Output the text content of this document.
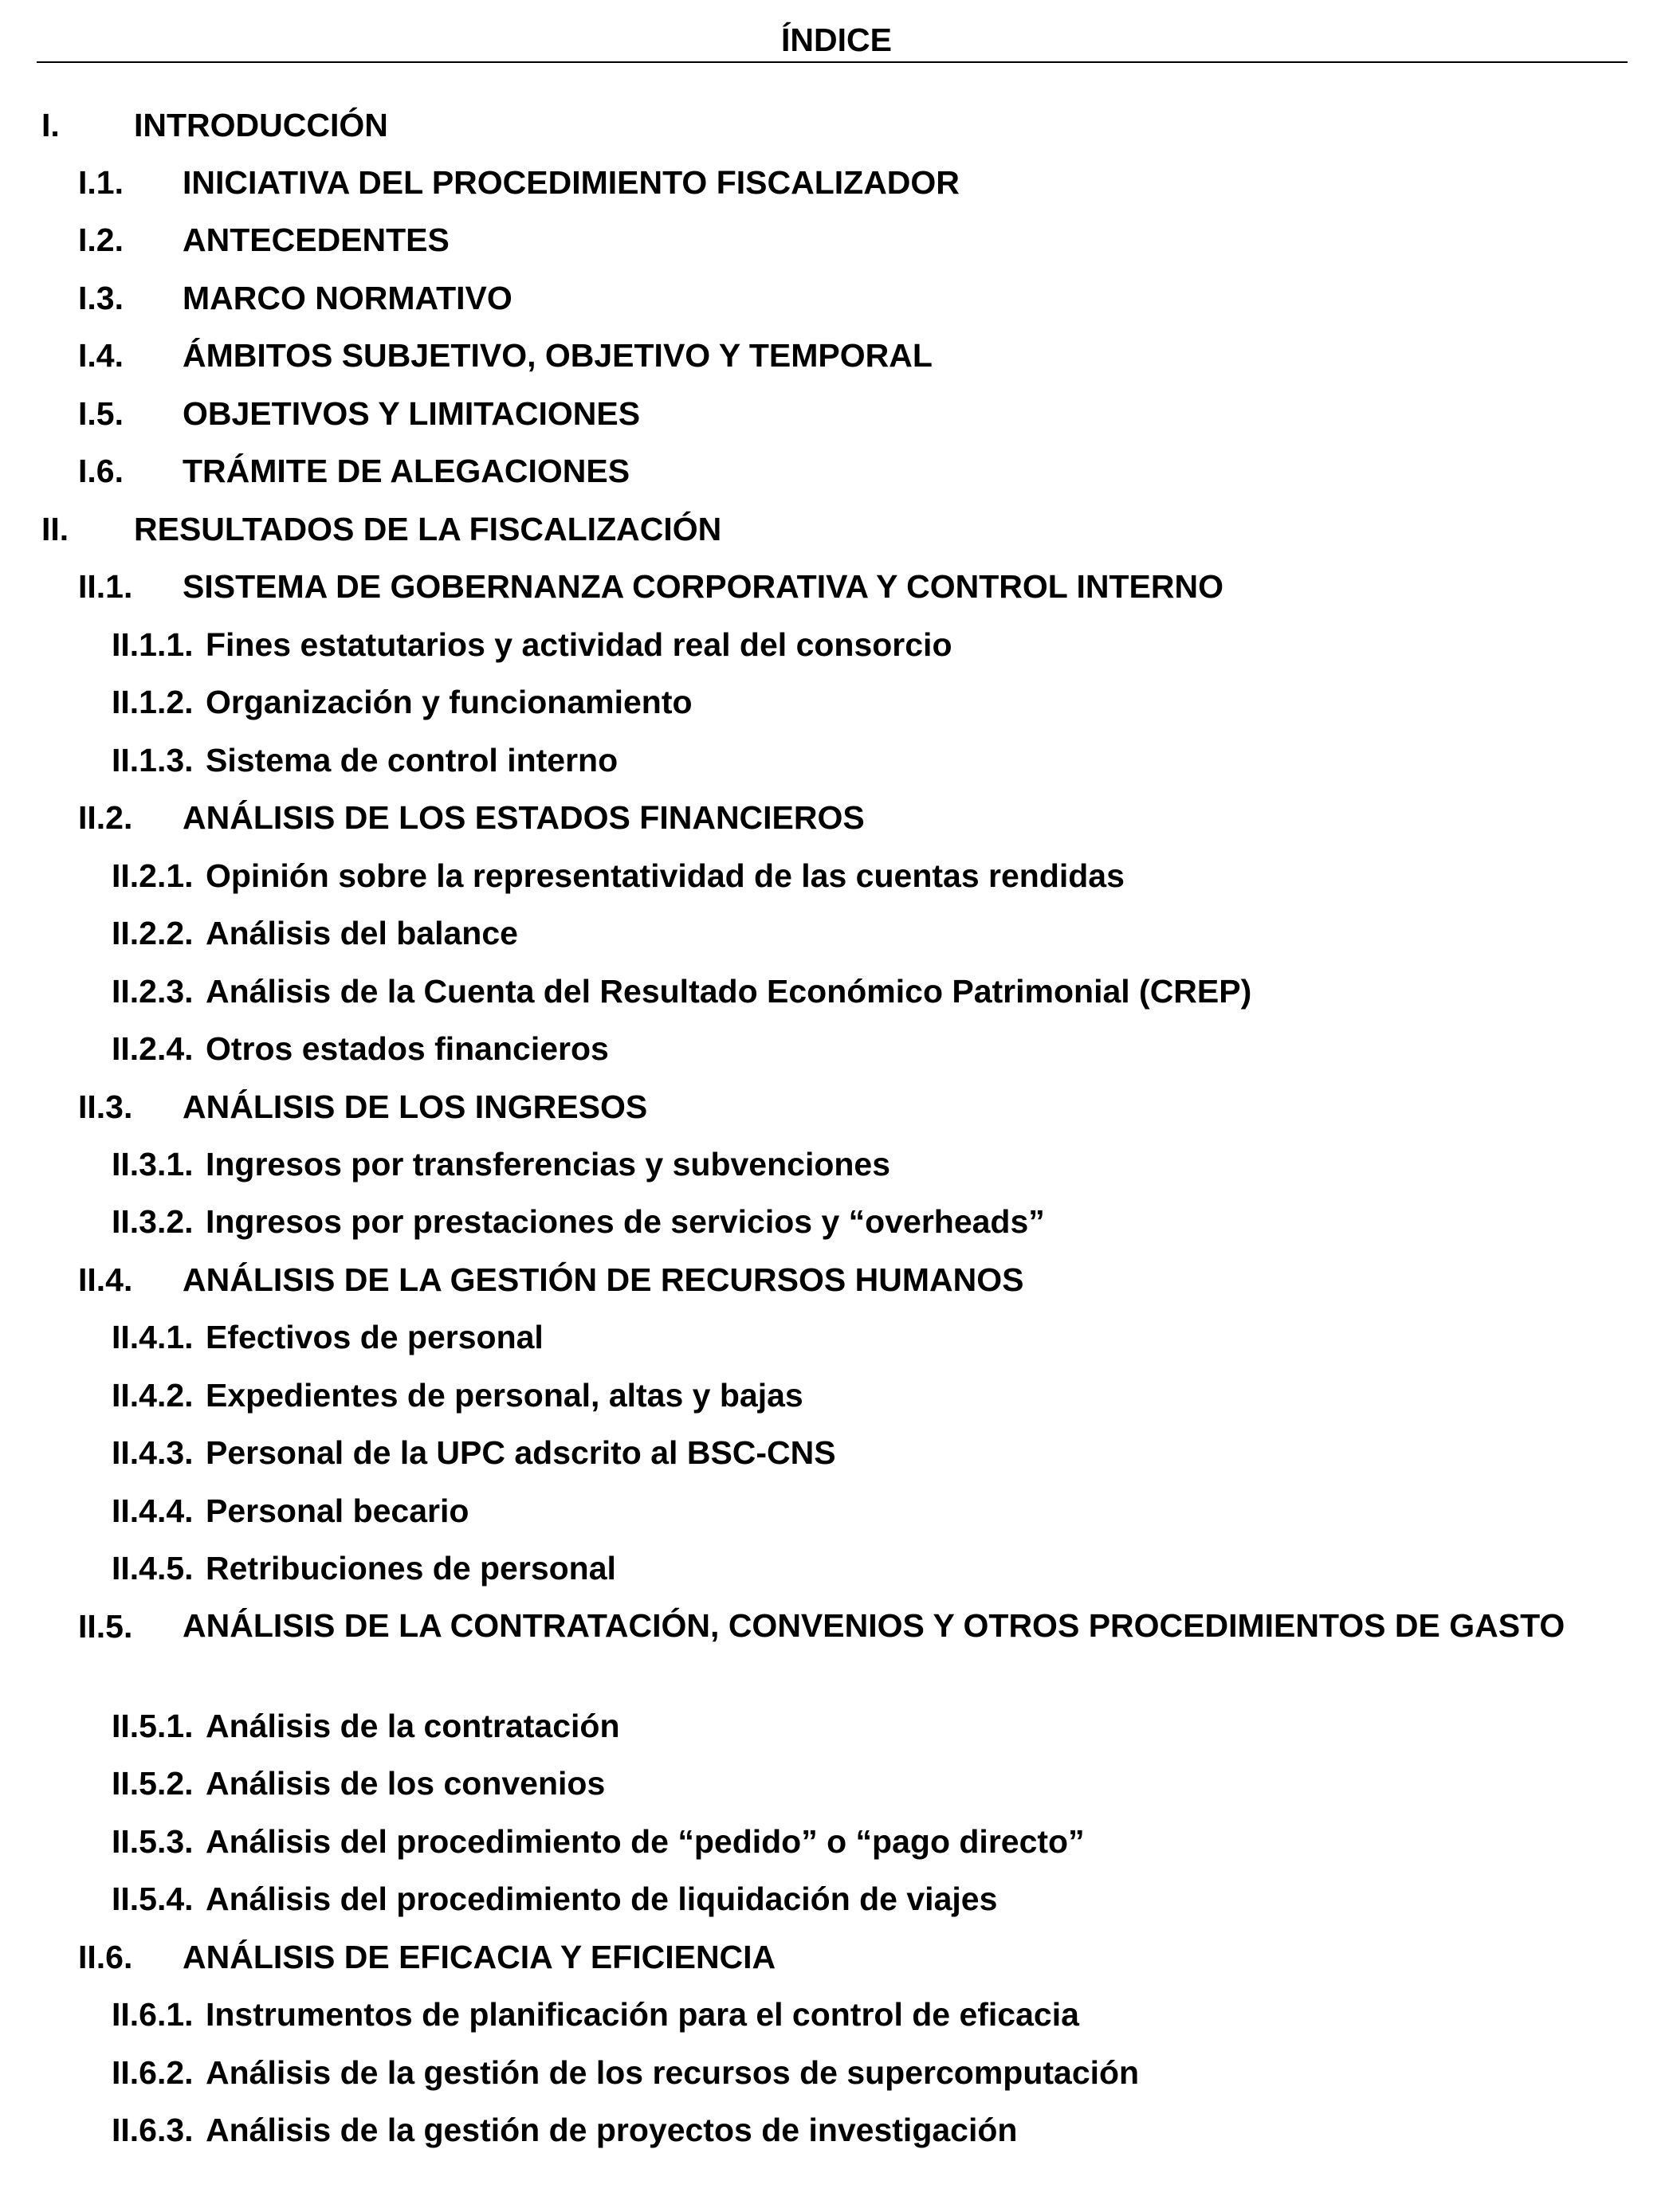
ÍNDICE
I. INTRODUCCIÓN
I.1. INICIATIVA DEL PROCEDIMIENTO FISCALIZADOR
I.2. ANTECEDENTES
I.3. MARCO NORMATIVO
I.4. ÁMBITOS SUBJETIVO, OBJETIVO Y TEMPORAL
I.5. OBJETIVOS Y LIMITACIONES
I.6. TRÁMITE DE ALEGACIONES
II. RESULTADOS DE LA FISCALIZACIÓN
II.1. SISTEMA DE GOBERNANZA CORPORATIVA Y CONTROL INTERNO
II.1.1. Fines estatutarios y actividad real del consorcio
II.1.2. Organización y funcionamiento
II.1.3. Sistema de control interno
II.2. ANÁLISIS DE LOS ESTADOS FINANCIEROS
II.2.1. Opinión sobre la representatividad de las cuentas rendidas
II.2.2. Análisis del balance
II.2.3. Análisis de la Cuenta del Resultado Económico Patrimonial (CREP)
II.2.4. Otros estados financieros
II.3. ANÁLISIS DE LOS INGRESOS
II.3.1. Ingresos por transferencias y subvenciones
II.3.2. Ingresos por prestaciones de servicios y “overheads”
II.4. ANÁLISIS DE LA GESTIÓN DE RECURSOS HUMANOS
II.4.1. Efectivos de personal
II.4.2. Expedientes de personal, altas y bajas
II.4.3. Personal de la UPC adscrito al BSC-CNS
II.4.4. Personal becario
II.4.5. Retribuciones de personal
II.5. ANÁLISIS DE LA CONTRATACIÓN, CONVENIOS Y OTROS PROCEDIMIENTOS DE GASTO
II.5.1. Análisis de la contratación
II.5.2. Análisis de los convenios
II.5.3. Análisis del procedimiento de “pedido” o “pago directo”
II.5.4. Análisis del procedimiento de liquidación de viajes
II.6. ANÁLISIS DE EFICACIA Y EFICIENCIA
II.6.1. Instrumentos de planificación para el control de eficacia
II.6.2. Análisis de la gestión de los recursos de supercomputación
II.6.3. Análisis de la gestión de proyectos de investigación
